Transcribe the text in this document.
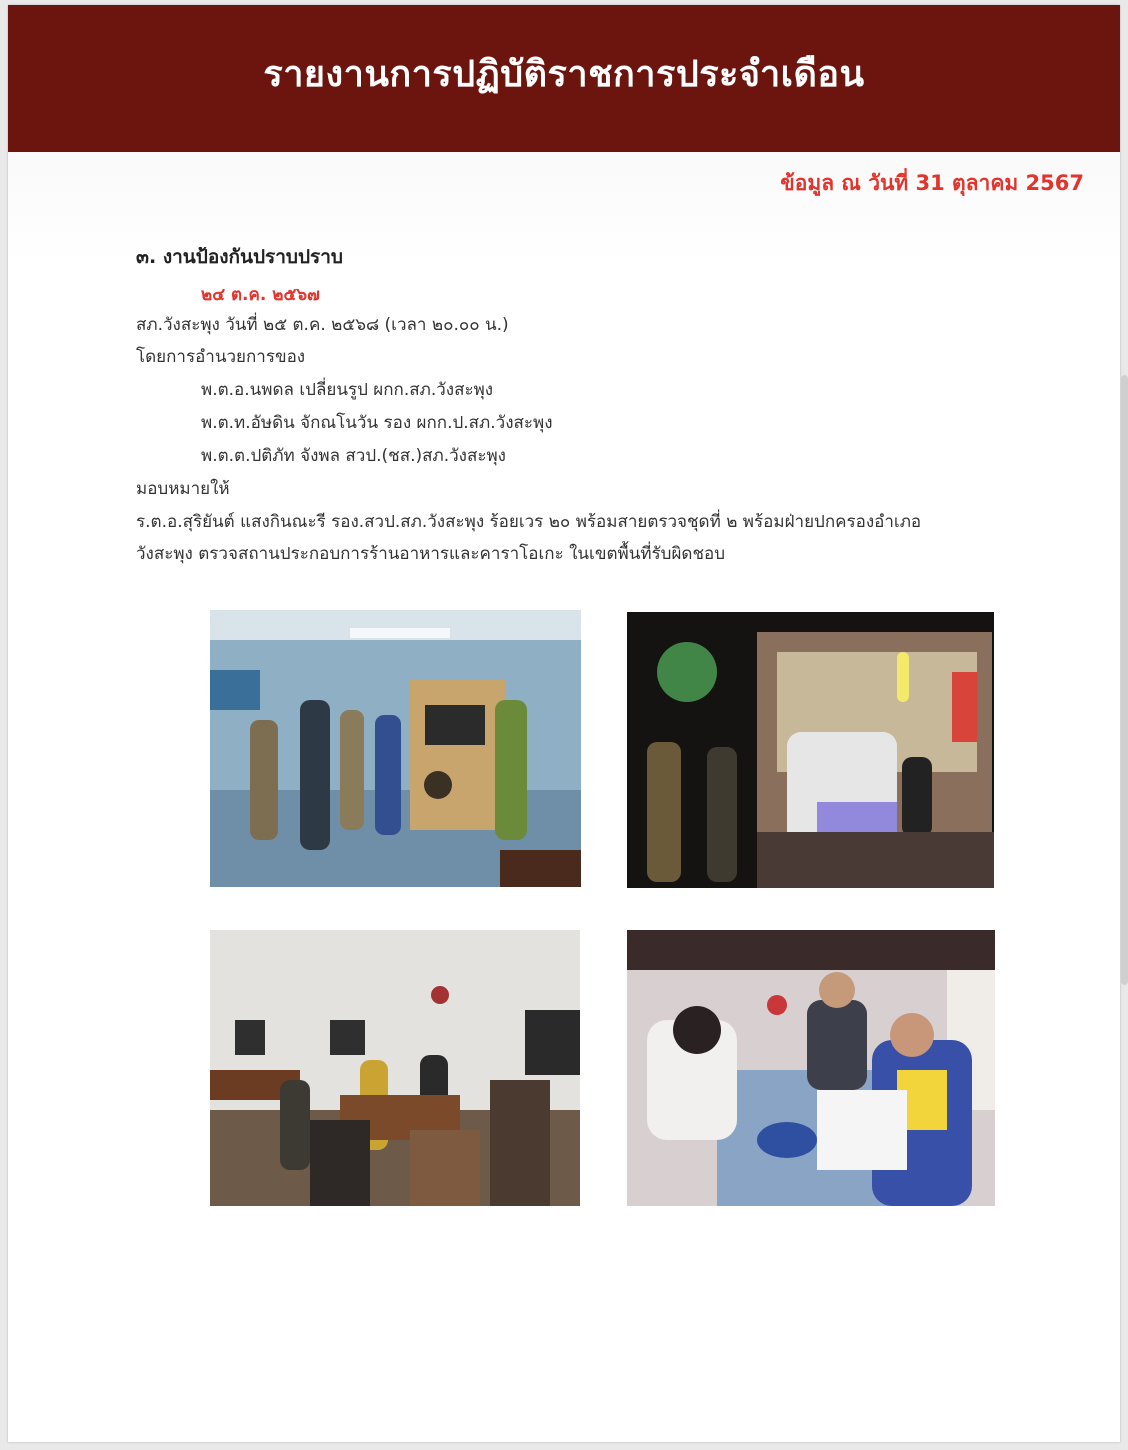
รายงานการปฏิบัติราชการประจำเดือน
ข้อมูล ณ วันที่ 31 ตุลาคม 2567
๓. งานป้องกันปราบปราบ
๒๔ ต.ค. ๒๕๖๗
สภ.วังสะพุง วันที่ ๒๕ ต.ค. ๒๕๖๘ (เวลา ๒๐.๐๐ น.)
โดยการอำนวยการของ
พ.ต.อ.นพดล เปลี่ยนรูป ผกก.สภ.วังสะพุง
พ.ต.ท.อัษดิน จักณโนวัน รอง ผกก.ป.สภ.วังสะพุง
พ.ต.ต.ปติภัท จังพล สวป.(ชส.)สภ.วังสะพุง
มอบหมายให้
ร.ต.อ.สุริยันต์ แสงกินณะรี รอง.สวป.สภ.วังสะพุง ร้อยเวร ๒๐ พร้อมสายตรวจชุดที่ ๒ พร้อมฝ่ายปกครองอำเภอ
วังสะพุง ตรวจสถานประกอบการร้านอาหารและคาราโอเกะ ในเขตพื้นที่รับผิดชอบ
